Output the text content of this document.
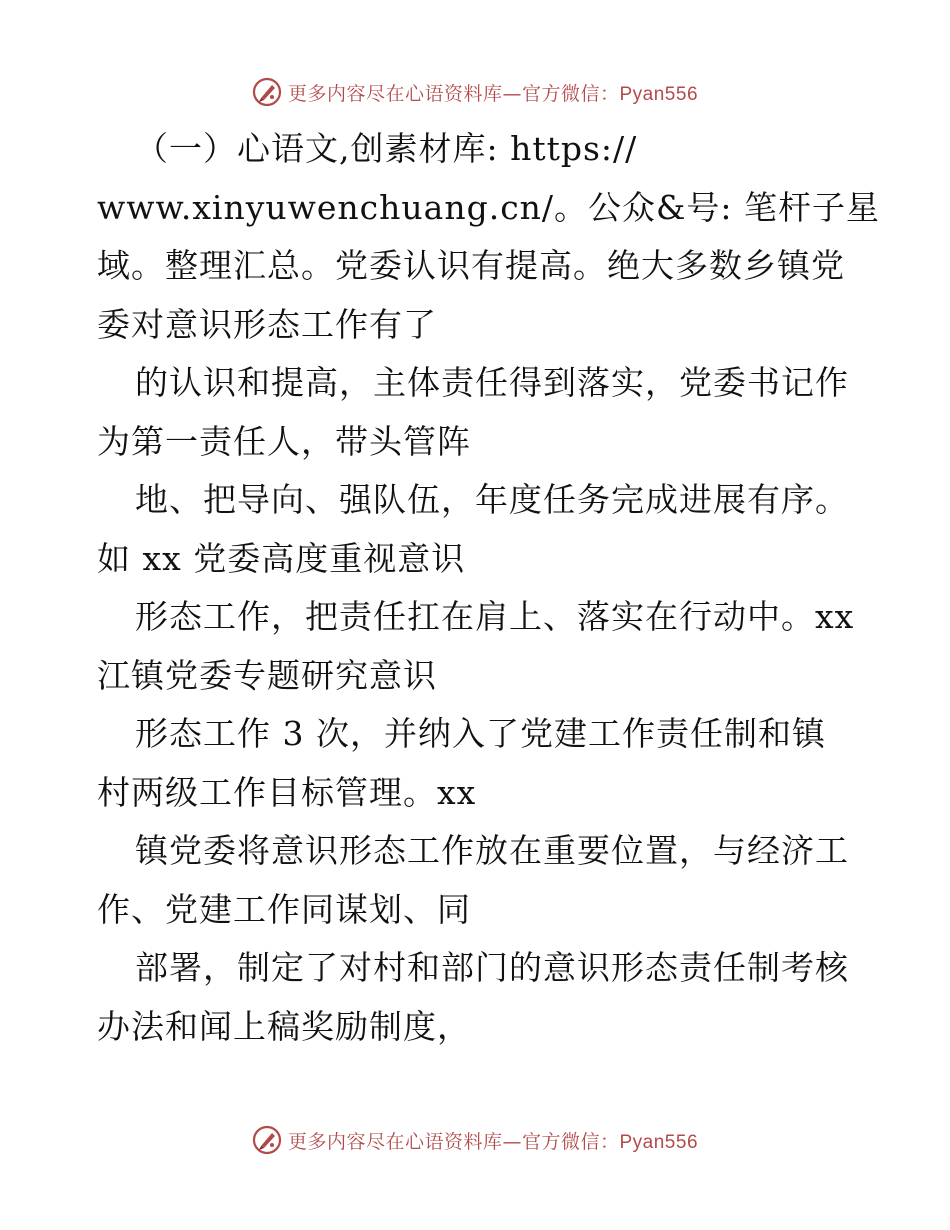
更多内容尽在心语资料库—官方微信：Pyan556
（一）心语文,创素材库: https://
www.xinyuwenchuang.cn/。公众&号: 笔杆子星
域。整理汇总。党委认识有提高。绝大多数乡镇党
委对意识形态工作有了
的认识和提高，主体责任得到落实，党委书记作
为第一责任人，带头管阵
地、把导向、强队伍，年度任务完成进展有序。
如 xx 党委高度重视意识
形态工作，把责任扛在肩上、落实在行动中。xx
江镇党委专题研究意识
形态工作 3 次，并纳入了党建工作责任制和镇
村两级工作目标管理。xx
镇党委将意识形态工作放在重要位置，与经济工
作、党建工作同谋划、同
部署，制定了对村和部门的意识形态责任制考核
办法和闻上稿奖励制度，
更多内容尽在心语资料库—官方微信：Pyan556
